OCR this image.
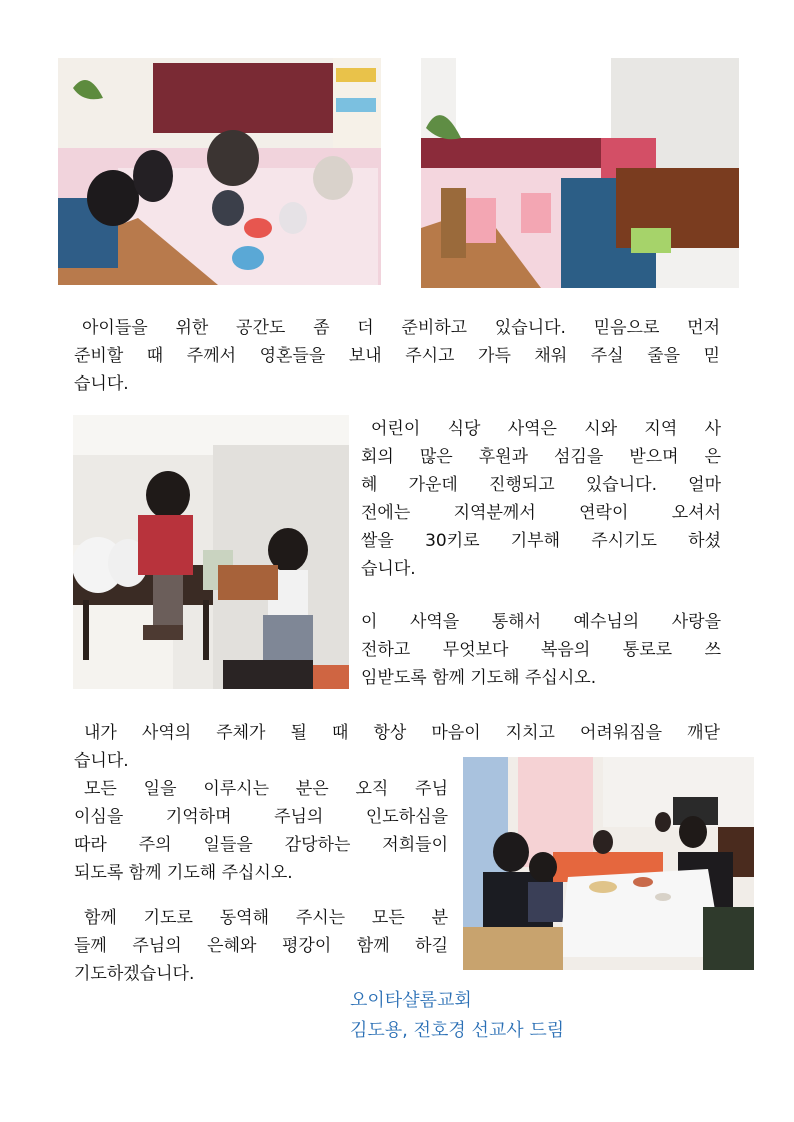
아이들을 위한 공간도 좀 더 준비하고 있습니다. 믿음으로 먼저
준비할 때 주께서 영혼들을 보내 주시고 가득 채워 주실 줄을 믿
습니다.

어린이 식당 사역은 시와 지역 사
회의 많은 후원과 섬김을 받으며 은
혜 가운데 진행되고 있습니다. 얼마
전에는 지역분께서 연락이 오셔서
쌀을 30키로 기부해 주시기도 하셨
습니다.

이 사역을 통해서 예수님의 사랑을
전하고 무엇보다 복음의 통로로 쓰
임받도록 함께 기도해 주십시오.

내가 사역의 주체가 될 때 항상 마음이 지치고 어려워짐을 깨닫
습니다.

모든 일을 이루시는 분은 오직 주님
이심을 기억하며 주님의 인도하심을
따라 주의 일들을 감당하는 저희들이
되도록 함께 기도해 주십시오.

함께 기도로 동역해 주시는 모든 분
들께 주님의 은혜와 평강이 함께 하길
기도하겠습니다.

오이타샬롬교회
김도용, 전호경 선교사 드림
